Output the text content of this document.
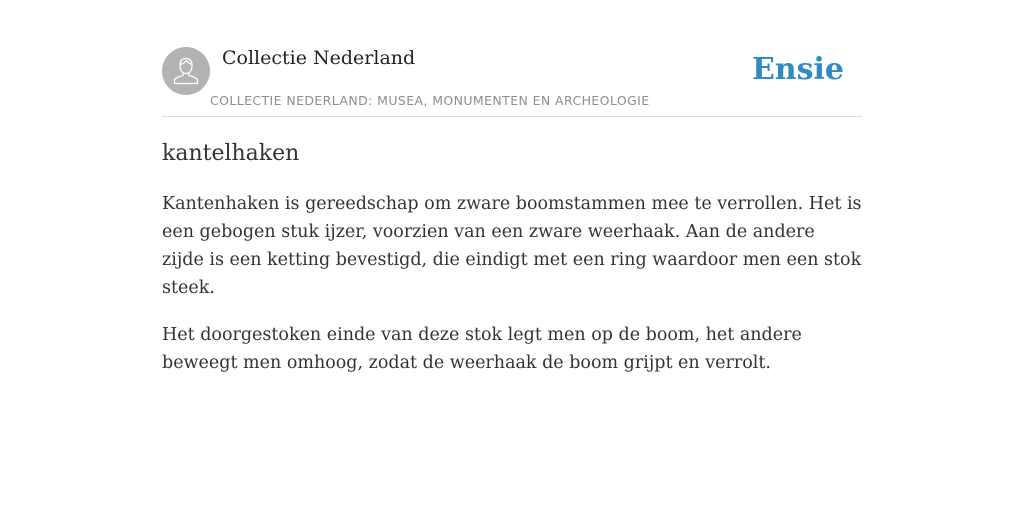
Collectie Nederland
COLLECTIE NEDERLAND: MUSEA, MONUMENTEN EN ARCHEOLOGIE
Ensie
kantelhaken

Kantenhaken is gereedschap om zware boomstammen mee te verrollen. Het is een gebogen stuk ijzer, voorzien van een zware weerhaak. Aan de andere zijde is een ketting bevestigd, die eindigt met een ring waardoor men een stok steek.

Het doorgestoken einde van deze stok legt men op de boom, het andere beweegt men omhoog, zodat de weerhaak de boom grijpt en verrolt.
